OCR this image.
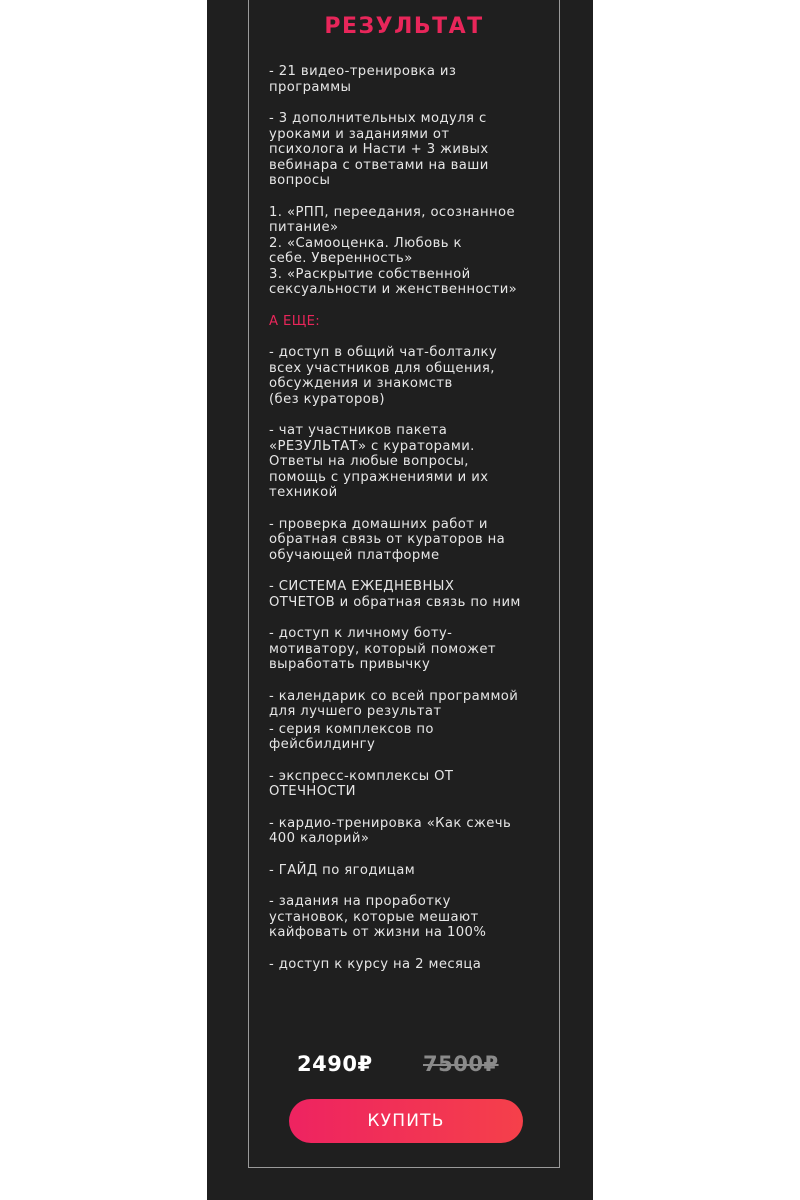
РЕЗУЛЬТАТ

- 21 видео-тренировка из
программы

- 3 дополнительных модуля с
уроками и заданиями от
психолога и Насти + 3 живых
вебинара с ответами на ваши
вопросы

1. «РПП, переедания, осознанное
питание»
2. «Самооценка. Любовь к
себе. Уверенность»
3. «Раскрытие собственной
сексуальности и женственности»

А ЕЩЕ:

- доступ в общий чат-болталку
всех участников для общения,
обсуждения и знакомств
(без кураторов)

- чат участников пакета
«РЕЗУЛЬТАТ» с кураторами.
Ответы на любые вопросы,
помощь с упражнениями и их
техникой

- проверка домашних работ и
обратная связь от кураторов на
обучающей платформе

- СИСТЕМА ЕЖЕДНЕВНЫХ
ОТЧЕТОВ и обратная связь по ним

- доступ к личному боту-
мотиватору, который поможет
выработать привычку

- календарик со всей программой
для лучшего результат

- серия комплексов по
фейсбилдингу

- экспресс-комплексы ОТ
ОТЕЧНОСТИ

- кардио-тренировка «Как сжечь
400 калорий»

- ГАЙД по ягодицам

- задания на проработку
установок, которые мешают
кайфовать от жизни на 100%

- доступ к курсу на 2 месяца

2490₽ 7500₽
КУПИТЬ
